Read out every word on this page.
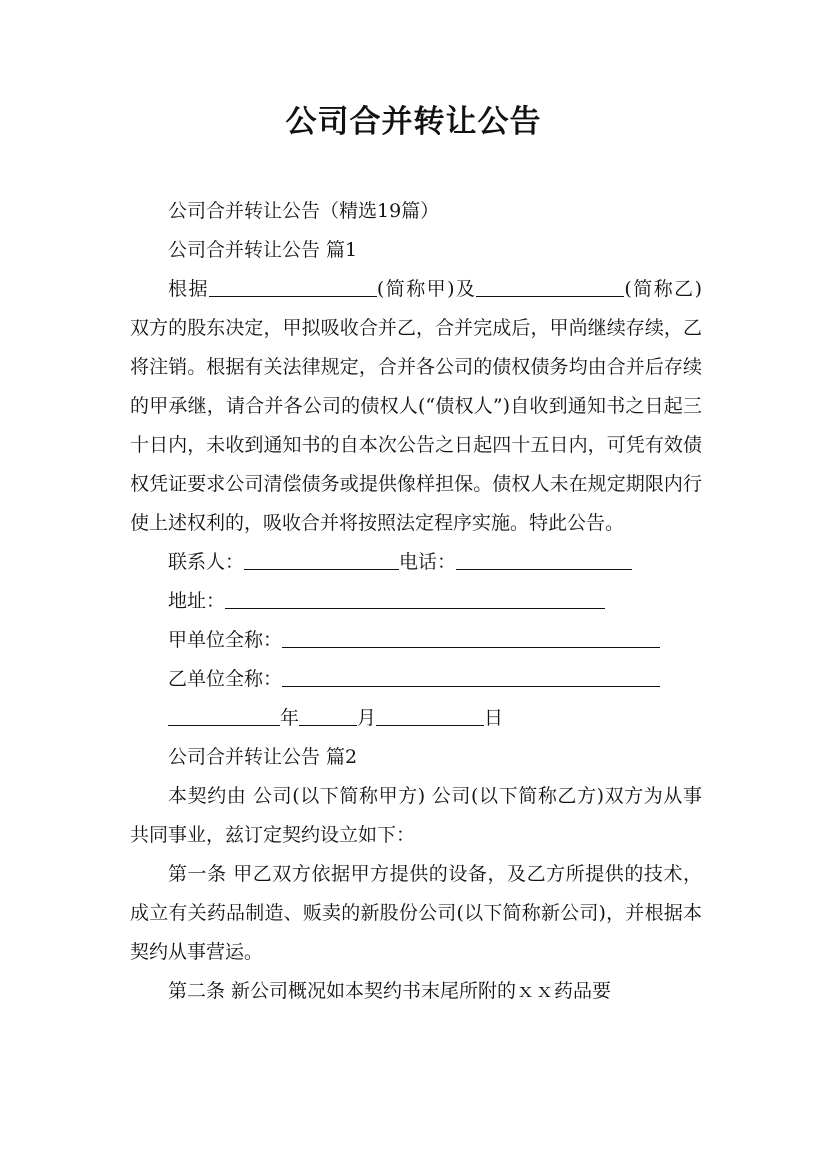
公司合并转让公告

公司合并转让公告（精选19篇）

公司合并转让公告 篇1

根据	(简称甲)及	(简称乙)双方的股东决定，甲拟吸收合并乙，合并完成后，甲尚继续存续，乙将注销。根据有关法律规定，合并各公司的债权债务均由合并后存续的甲承继，请合并各公司的债权人(“债权人”)自收到通知书之日起三十日内，未收到通知书的自本次公告之日起四十五日内，可凭有效债权凭证要求公司清偿债务或提供像样担保。债权人未在规定期限内行使上述权利的，吸收合并将按照法定程序实施。特此公告。

联系人：	电话：

地址：

甲单位全称：

乙单位全称：

年	月	日

公司合并转让公告 篇2

本契约由 公司(以下简称甲方) 公司(以下简称乙方)双方为从事共同事业，兹订定契约设立如下：

第一条 甲乙双方依据甲方提供的设备，及乙方所提供的技术，成立有关药品制造、贩卖的新股份公司(以下简称新公司)，并根据本契约从事营运。

第二条 新公司概况如本契约书末尾所附的ｘｘ药品要
